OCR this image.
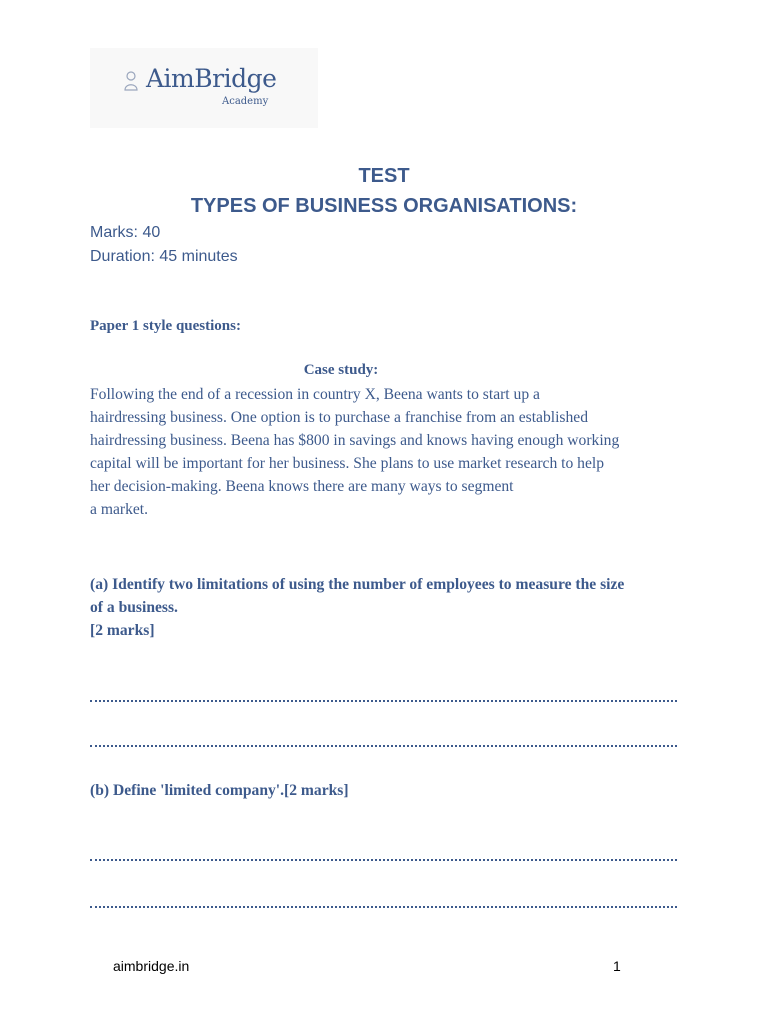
AimBridge
Academy
TEST
TYPES OF BUSINESS ORGANISATIONS:
Marks: 40
Duration: 45 minutes
Paper 1 style questions:
Case study:
Following the end of a recession in country X, Beena wants to start up a
hairdressing business. One option is to purchase a franchise from an established
hairdressing business. Beena has $800 in savings and knows having enough working
capital will be important for her business. She plans to use market research to help
her decision-making. Beena knows there are many ways to segment
a market.
(a) Identify two limitations of using the number of employees to measure the size
of a business.
[2 marks]
(b) Define 'limited company'.[2 marks]
aimbridge.in	1
